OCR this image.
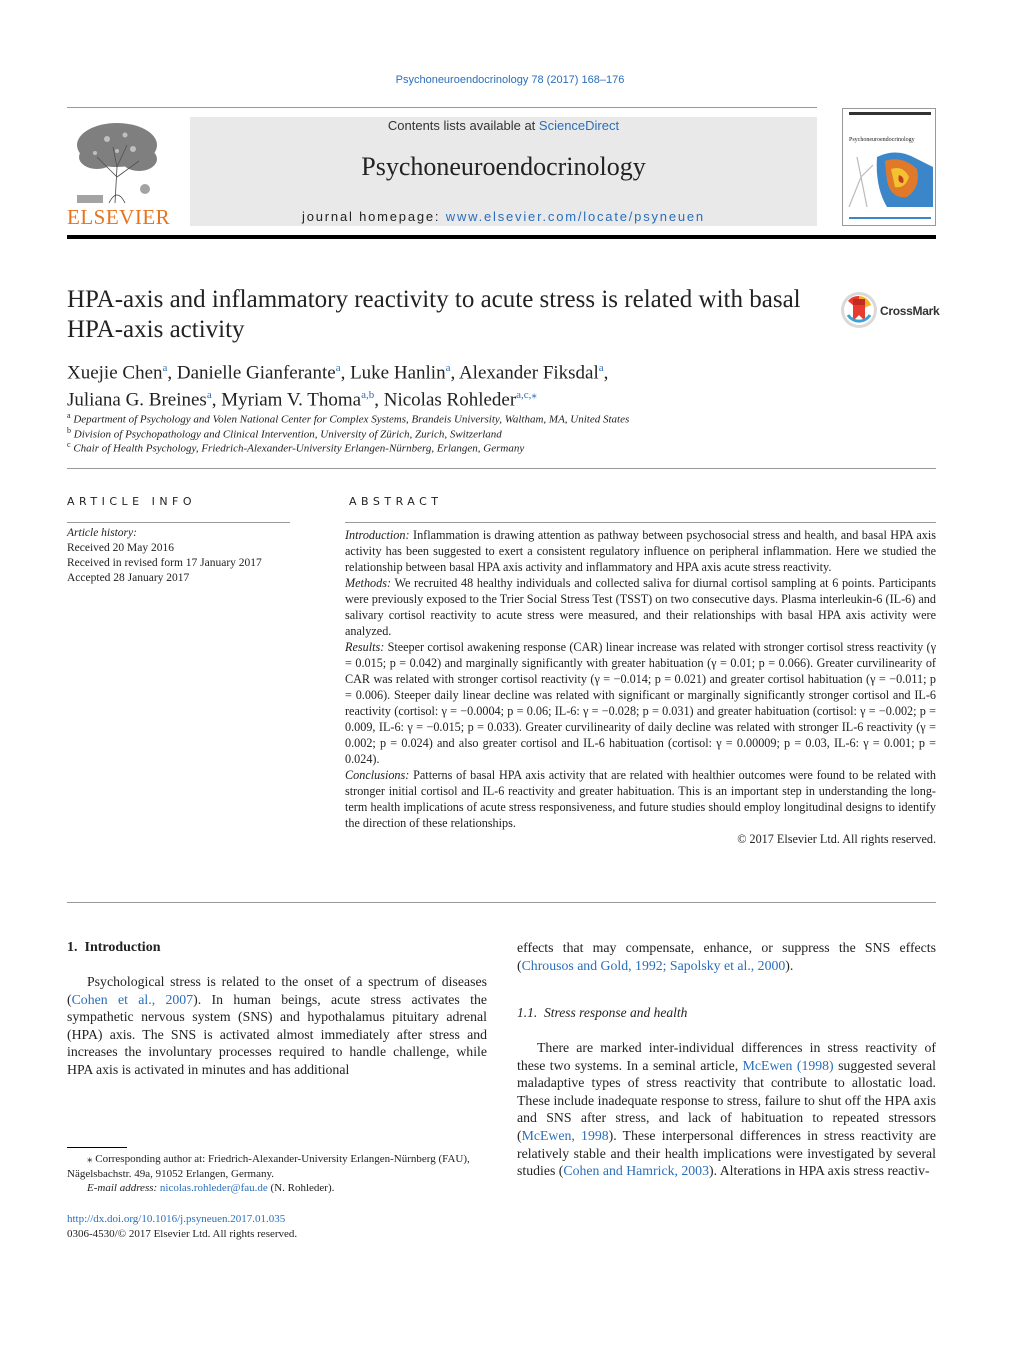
Psychoneuroendocrinology 78 (2017) 168–176
ELSEVIER
Contents lists available at ScienceDirect
Psychoneuroendocrinology
journal homepage: www.elsevier.com/locate/psyneuen
Psychoneuroendocrinology
HPA-axis and inflammatory reactivity to acute stress is related with basal HPA-axis activity
CrossMark
Xuejie Chen$^a$, Danielle Gianferante$^a$, Luke Hanlin$^a$, Alexander Fiksdal$^a$,
Juliana G. Breines$^a$, Myriam V. Thoma$^{a,b}$, Nicolas Rohleder$^{a,c,⁎}$
$^a$ Department of Psychology and Volen National Center for Complex Systems, Brandeis University, Waltham, MA, United States
$^b$ Division of Psychopathology and Clinical Intervention, University of Zürich, Zurich, Switzerland
$^c$ Chair of Health Psychology, Friedrich-Alexander-University Erlangen-Nürnberg, Erlangen, Germany
ARTICLE INFO
Article history:
Received 20 May 2016
Received in revised form 17 January 2017
Accepted 28 January 2017
ABSTRACT

Introduction: Inflammation is drawing attention as pathway between psychosocial stress and health, and basal HPA axis activity has been suggested to exert a consistent regulatory influence on peripheral inflammation. Here we studied the relationship between basal HPA axis activity and inflammatory and HPA axis acute stress reactivity.

Methods: We recruited 48 healthy individuals and collected saliva for diurnal cortisol sampling at 6 points. Participants were previously exposed to the Trier Social Stress Test (TSST) on two consecutive days. Plasma interleukin-6 (IL-6) and salivary cortisol reactivity to acute stress were measured, and their relationships with basal HPA axis activity were analyzed.

Results: Steeper cortisol awakening response (CAR) linear increase was related with stronger cortisol stress reactivity (γ = 0.015; p = 0.042) and marginally significantly with greater habituation (γ = 0.01; p = 0.066). Greater curvilinearity of CAR was related with stronger cortisol reactivity (γ = −0.014; p = 0.021) and greater cortisol habituation (γ = −0.011; p = 0.006). Steeper daily linear decline was related with significant or marginally significantly stronger cortisol and IL-6 reactivity (cortisol: γ = −0.0004; p = 0.06; IL-6: γ = −0.028; p = 0.031) and greater habituation (cortisol: γ = −0.002; p = 0.009, IL-6: γ = −0.015; p = 0.033). Greater curvilinearity of daily decline was related with stronger IL-6 reactivity (γ = 0.002; p = 0.024) and also greater cortisol and IL-6 habituation (cortisol: γ = 0.00009; p = 0.03, IL-6: γ = 0.001; p = 0.024).

Conclusions: Patterns of basal HPA axis activity that are related with healthier outcomes were found to be related with stronger initial cortisol and IL-6 reactivity and greater habituation. This is an important step in understanding the long-term health implications of acute stress responsiveness, and future studies should employ longitudinal designs to identify the direction of these relationships.

© 2017 Elsevier Ltd. All rights reserved.

1.  Introduction

Psychological stress is related to the onset of a spectrum of diseases (Cohen et al., 2007). In human beings, acute stress activates the sympathetic nervous system (SNS) and hypothalamus pituitary adrenal (HPA) axis. The SNS is activated almost immediately after stress and increases the involuntary processes required to handle challenge, while HPA axis is activated in minutes and has additional

⁎ Corresponding author at: Friedrich-Alexander-University Erlangen-Nürnberg (FAU), Nägelsbachstr. 49a, 91052 Erlangen, Germany.
E-mail address: nicolas.rohleder@fau.de (N. Rohleder).
http://dx.doi.org/10.1016/j.psyneuen.2017.01.035
0306-4530/© 2017 Elsevier Ltd. All rights reserved.

effects that may compensate, enhance, or suppress the SNS effects (Chrousos and Gold, 1992; Sapolsky et al., 2000).

1.1.  Stress response and health

There are marked inter-individual differences in stress reactivity of these two systems. In a seminal article, McEwen (1998) suggested several maladaptive types of stress reactivity that contribute to allostatic load. These include inadequate response to stress, failure to shut off the HPA axis and SNS after stress, and lack of habituation to repeated stressors (McEwen, 1998). These interpersonal differences in stress reactivity are relatively stable and their health implications were investigated by several studies (Cohen and Hamrick, 2003). Alterations in HPA axis stress reactiv-
